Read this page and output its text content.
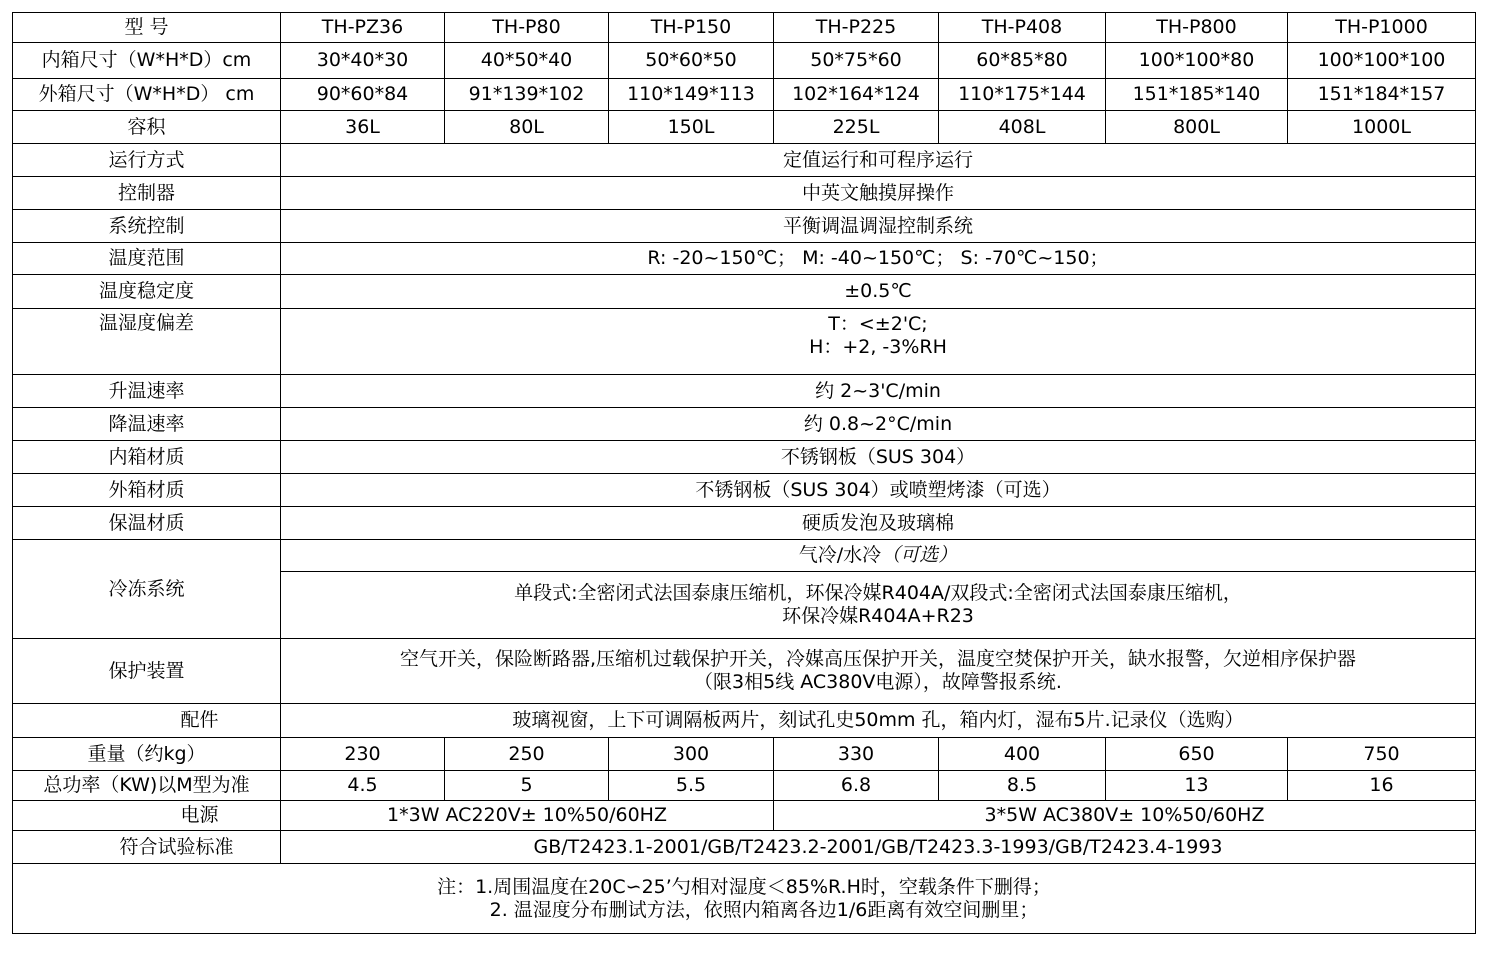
型 号	TH-PZ36	TH-P80	TH-P150	TH-P225	TH-P408	TH-P800	TH-P1000
内箱尺寸（W*H*D）cm	30*40*30	40*50*40	50*60*50	50*75*60	60*85*80	100*100*80	100*100*100
外箱尺寸（W*H*D） cm	90*60*84	91*139*102	110*149*113	102*164*124	110*175*144	151*185*140	151*184*157
容积	36L	80L	150L	225L	408L	800L	1000L
运行方式	定值运行和可程序运行						
控制器	中英文触摸屏操作						
系统控制	平衡调温调湿控制系统						
温度范围	R: -20~150℃； M: -40~150℃； S: -70℃~150；						
温度稳定度	±0.5℃						
温湿度偏差	T：<±2'C;
H：+2, -3%RH						

升温速率	约 2~3'C/min						
降温速率	约 0.8~2°C/min						
内箱材质	不锈钢板（SUS 304）						
外箱材质	不锈钢板（SUS 304）或喷塑烤漆（可选）						
保温材质	硬质发泡及玻璃棉						
冷冻系统	气冷/水冷（可选）						

	单段式:全密闭式法国泰康压缩机，环保冷媒R404A/双段式:全密闭式法国泰康压缩机，
环保冷媒R404A+R23						

保护装置	空气开关，保险断路器,压缩机过载保护开关，冷媒高压保护开关，温度空焚保护开关，缺水报警，欠逆相序保护器
（限3相5线 AC380V电源），故障警报系统.						

配件	玻璃视窗，上下可调隔板两片，刻试孔史50mm 孔，箱内灯，湿布5片.记录仪（选购）						
重量（约kg）	230	250	300	330	400	650	750
总功率（KW)以M型为准	4.5	5	5.5	6.8	8.5	13	16
电源	1*3W AC220V± 10%50/60HZ			3*5W AC380V± 10%50/60HZ			
符合试验标准	GB/T2423.1-2001/GB/T2423.2-2001/GB/T2423.3-1993/GB/T2423.4-1993						

注：1.周围温度在20C∽25’勺相对湿度＜85%R.H时，空载条件下删得；
2. 温湿度分布删试方法，依照内箱离各边1/6距离有效空间删里；							
